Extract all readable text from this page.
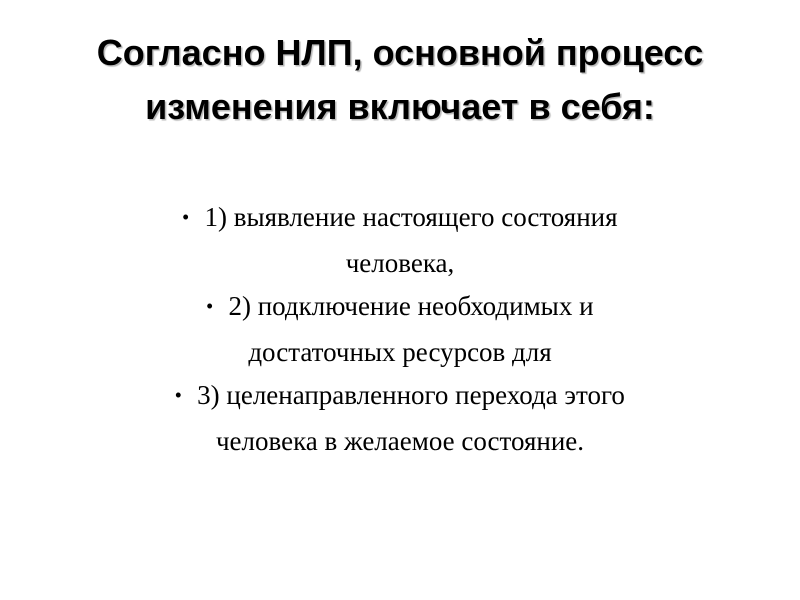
Согласно НЛП, основной процесс
изменения включает в себя:
• 1) выявление настоящего состояния
человека,
• 2) подключение необходимых и
достаточных ресурсов для
• 3) целенаправленного перехода этого
человека в желаемое состояние.
